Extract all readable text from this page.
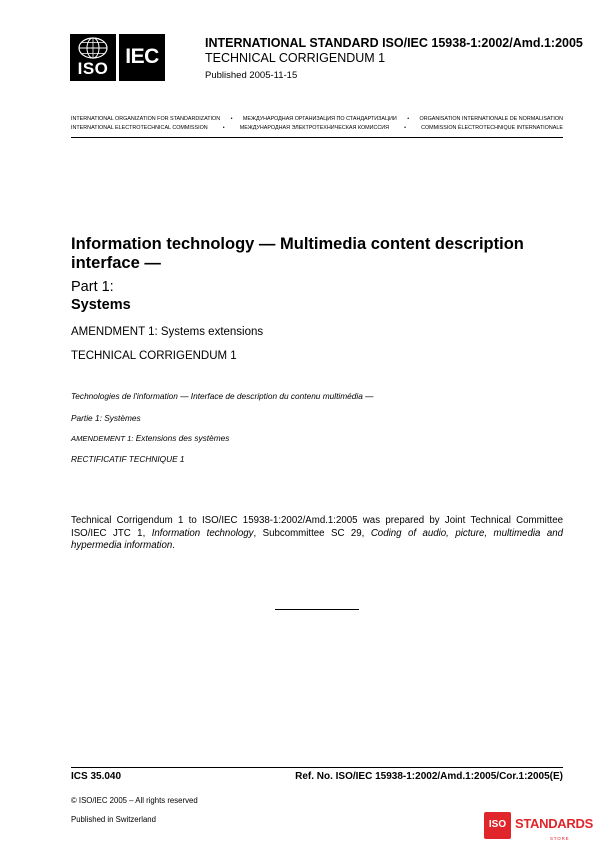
ISO
IEC
INTERNATIONAL STANDARD ISO/IEC 15938-1:2002/Amd.1:2005
TECHNICAL CORRIGENDUM 1
Published 2005-11-15
INTERNATIONAL ORGANIZATION FOR STANDARDIZATION • МЕЖДУНАРОДНАЯ ОРГАНИЗАЦИЯ ПО СТАНДАРТИЗАЦИИ • ORGANISATION INTERNATIONALE DE NORMALISATION
INTERNATIONAL ELECTROTECHNICAL COMMISSION	•	МЕЖДУНАРОДНАЯ ЭЛЕКТРОТЕХНИЧЕСКАЯ КОМИССИЯ	•	COMMISSION ÉLECTROTECHNIQUE INTERNATIONALE
Information technology — Multimedia content description interface —
Part 1:
Systems
AMENDMENT 1: Systems extensions
TECHNICAL CORRIGENDUM 1
Technologies de l'information — Interface de description du contenu multimédia —
Partie 1: Systèmes
AMENDEMENT 1: Extensions des systèmes
RECTIFICATIF TECHNIQUE 1
Technical Corrigendum 1 to ISO/IEC 15938-1:2002/Amd.1:2005 was prepared by Joint Technical Committee ISO/IEC JTC 1, Information technology, Subcommittee SC 29, Coding of audio, picture, multimedia and hypermedia information.
ICS 35.040	Ref. No. ISO/IEC 15938-1:2002/Amd.1:2005/Cor.1:2005(E)
© ISO/IEC 2005 – All rights reserved
Published in Switzerland	ISO STANDARDS
STORE
